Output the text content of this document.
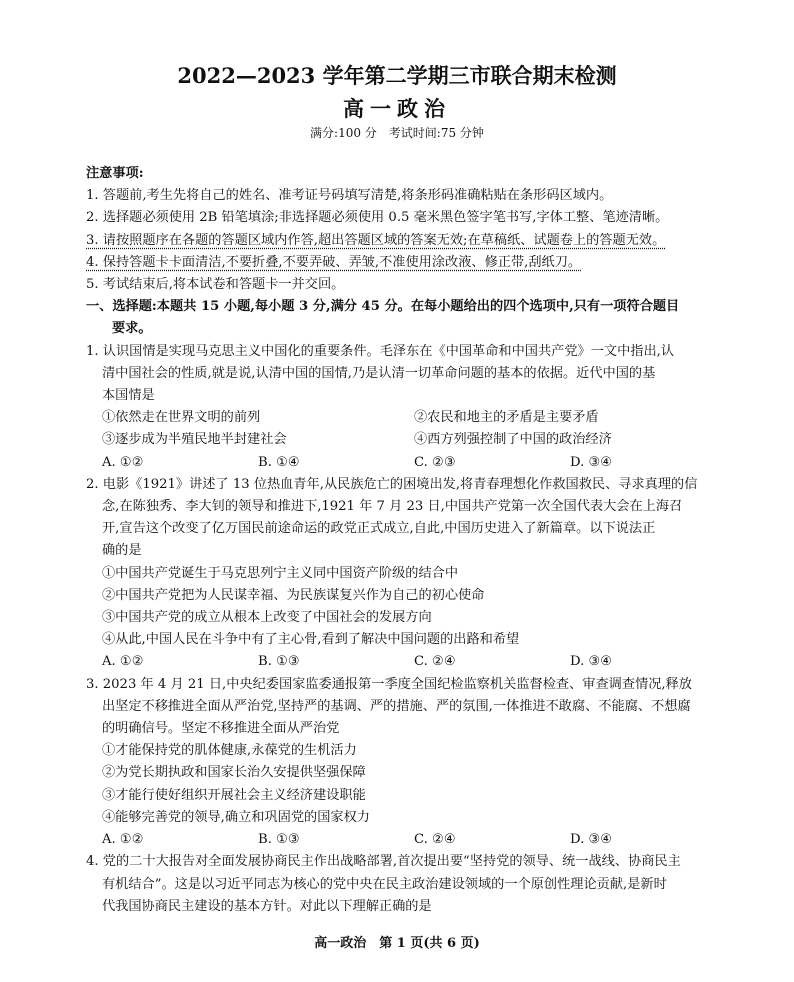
2022—2023 学年第二学期三市联合期末检测
高一政治
满分:100 分　考试时间:75 分钟
注意事项:
1. 答题前,考生先将自己的姓名、准考证号码填写清楚,将条形码准确粘贴在条形码区域内。
2. 选择题必须使用 2B 铅笔填涂;非选择题必须使用 0.5 毫米黑色签字笔书写,字体工整、笔迹清晰。
3. 请按照题序在各题的答题区域内作答,超出答题区域的答案无效;在草稿纸、试题卷上的答题无效。
4. 保持答题卡卡面清洁,不要折叠,不要弄破、弄皱,不准使用涂改液、修正带,刮纸刀。
5. 考试结束后,将本试卷和答题卡一并交回。
一、选择题:本题共 15 小题,每小题 3 分,满分 45 分。在每小题给出的四个选项中,只有一项符合题目
要求。
1. 认识国情是实现马克思主义中国化的重要条件。毛泽东在《中国革命和中国共产党》一文中指出,认
清中国社会的性质,就是说,认清中国的国情,乃是认清一切革命问题的基本的依据。近代中国的基
本国情是
①依然走在世界文明的前列	②农民和地主的矛盾是主要矛盾
③逐步成为半殖民地半封建社会	④西方列强控制了中国的政治经济
A. ①②	B. ①④	C. ②③	D. ③④
2. 电影《1921》讲述了 13 位热血青年,从民族危亡的困境出发,将青春理想化作救国救民、寻求真理的信
念,在陈独秀、李大钊的领导和推进下,1921 年 7 月 23 日,中国共产党第一次全国代表大会在上海召
开,宣告这个改变了亿万国民前途命运的政党正式成立,自此,中国历史进入了新篇章。以下说法正
确的是
①中国共产党诞生于马克思列宁主义同中国资产阶级的结合中
②中国共产党把为人民谋幸福、为民族谋复兴作为自己的初心使命
③中国共产党的成立从根本上改变了中国社会的发展方向
④从此,中国人民在斗争中有了主心骨,看到了解决中国问题的出路和希望
A. ①②	B. ①③	C. ②④	D. ③④
3. 2023 年 4 月 21 日,中央纪委国家监委通报第一季度全国纪检监察机关监督检查、审查调查情况,释放
出坚定不移推进全面从严治党,坚持严的基调、严的措施、严的氛围,一体推进不敢腐、不能腐、不想腐
的明确信号。坚定不移推进全面从严治党
①才能保持党的肌体健康,永葆党的生机活力
②为党长期执政和国家长治久安提供坚强保障
③才能行使好组织开展社会主义经济建设职能
④能够完善党的领导,确立和巩固党的国家权力
A. ①②	B. ①③	C. ②④	D. ③④
4. 党的二十大报告对全面发展协商民主作出战略部署,首次提出要“坚持党的领导、统一战线、协商民主
有机结合”。这是以习近平同志为核心的党中央在民主政治建设领域的一个原创性理论贡献,是新时
代我国协商民主建设的基本方针。对此以下理解正确的是
高一政治　第 1 页(共 6 页)
